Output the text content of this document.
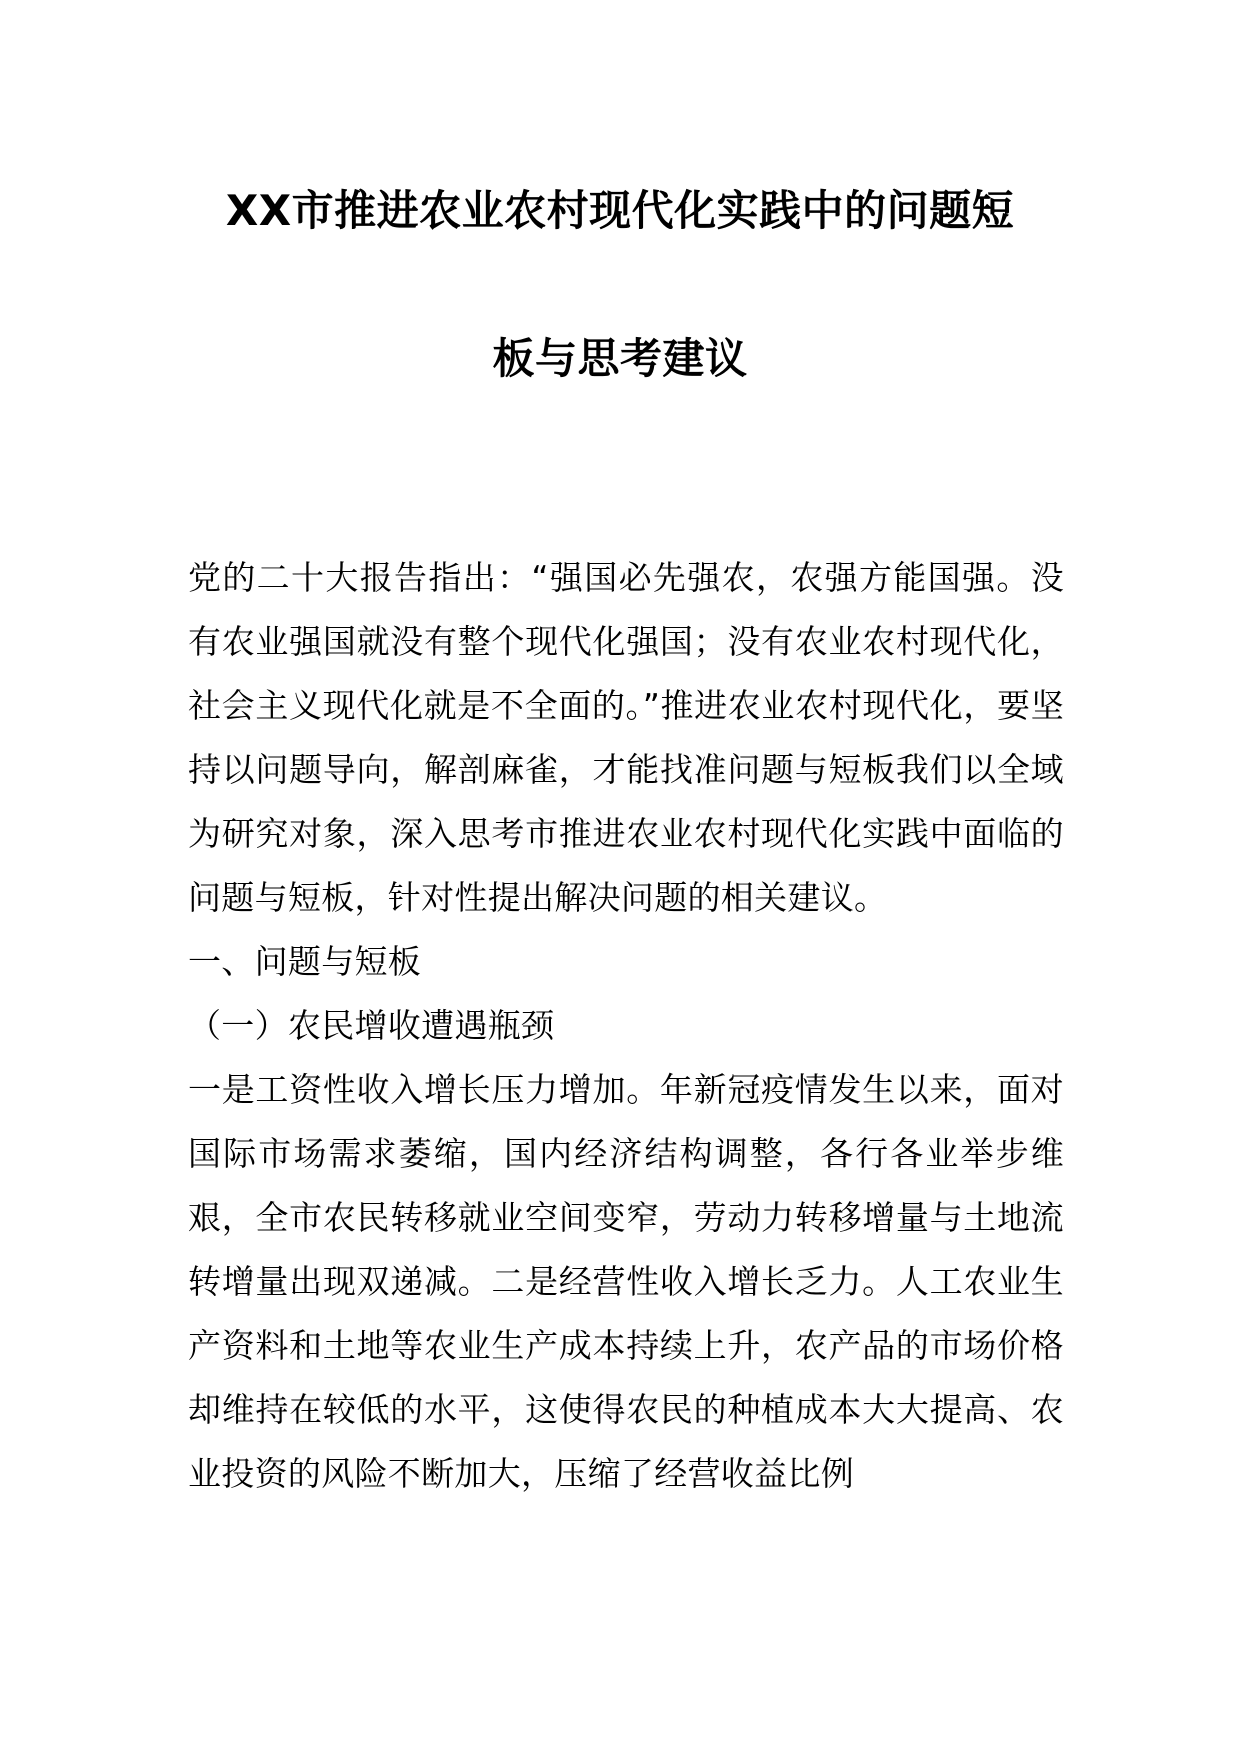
XX市推进农业农村现代化实践中的问题短
板与思考建议

党的二十大报告指出：“强国必先强农，农强方能国强。没有农业强国就没有整个现代化强国；没有农业农村现代化，社会主义现代化就是不全面的。”推进农业农村现代化，要坚持以问题导向，解剖麻雀，才能找准问题与短板我们以全域为研究对象，深入思考市推进农业农村现代化实践中面临的问题与短板，针对性提出解决问题的相关建议。

一、问题与短板

（一）农民增收遭遇瓶颈

一是工资性收入增长压力增加。年新冠疫情发生以来，面对国际市场需求萎缩，国内经济结构调整，各行各业举步维艰，全市农民转移就业空间变窄，劳动力转移增量与土地流转增量出现双递减。二是经营性收入增长乏力。人工农业生产资料和土地等农业生产成本持续上升，农产品的市场价格却维持在较低的水平，这使得农民的种植成本大大提高、农业投资的风险不断加大，压缩了经营收益比例
